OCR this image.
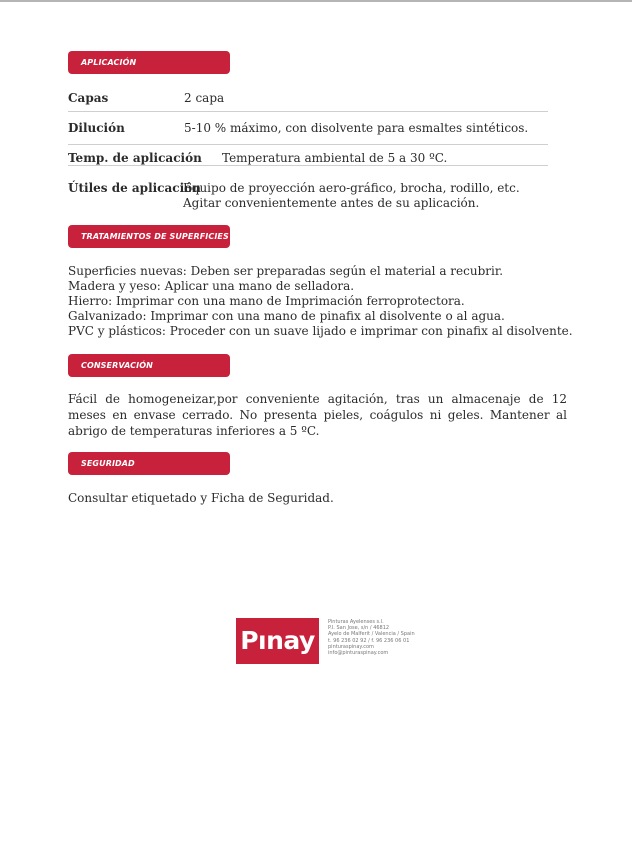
APLICACIÓN
Capas	2 capa
Dilución	5-10 % máximo, con disolvente para esmaltes sintéticos.
Temp. de aplicación Temperatura ambiental de 5 a 30 ºC.
Útiles de aplicación
Equipo de proyección aero-gráfico, brocha, rodillo, etc.
Agitar convenientemente antes de su aplicación.
TRATAMIENTOS DE SUPERFICIES
Superficies nuevas: Deben ser preparadas según el material a recubrir.
Madera y yeso: Aplicar una mano de selladora.
Hierro: Imprimar con una mano de Imprimación ferroprotectora.
Galvanizado: Imprimar con una mano de pinafix al disolvente o al agua.
PVC y plásticos: Proceder con un suave lijado e imprimar con pinafix al disolvente.
CONSERVACIÓN
Fácil de homogeneizar,por conveniente agitación, tras un almacenaje de 12 meses en envase cerrado. No presenta pieles, coágulos ni geles. Mantener al abrigo de temperaturas inferiores a 5 ºC.
SEGURIDAD
Consultar etiquetado y Ficha de Seguridad.
Pınay
Pinturas Ayelenses s.l.
P.I. San Jose, s/n / 46812
Ayelo de Malferit / Valencia / Spain
t. 96 236 02 92 / f. 96 236 06 01
pinturaspinay.com
info@pinturaspinay.com
